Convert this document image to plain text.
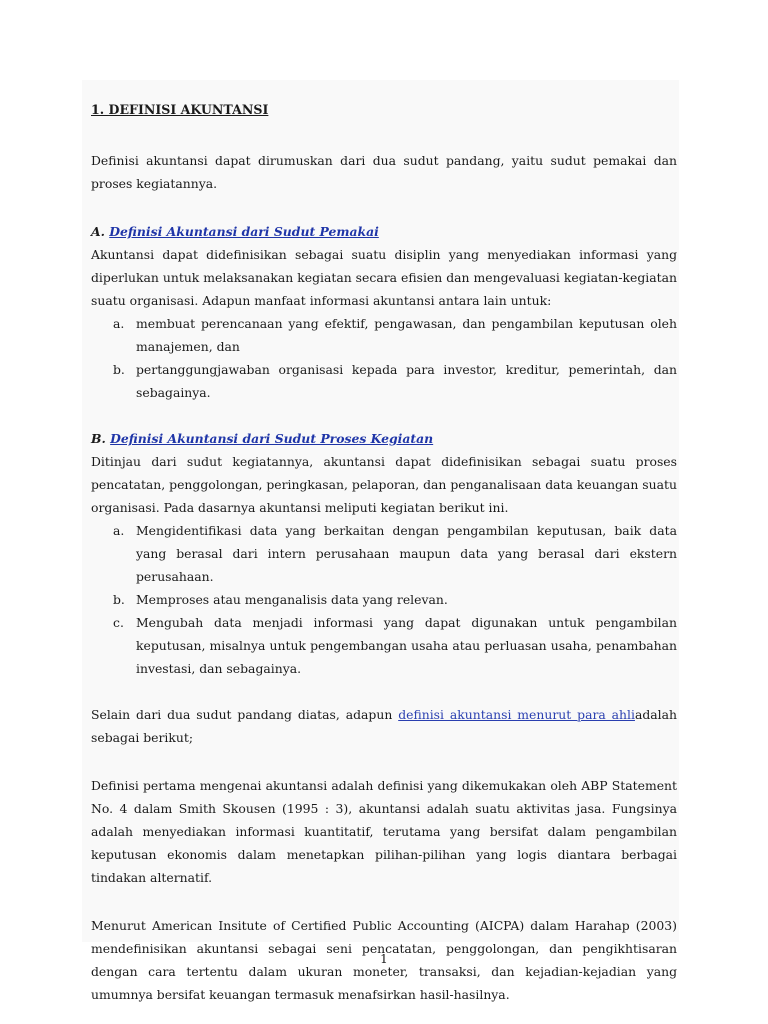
1. DEFINISI AKUNTANSI

Definisi akuntansi dapat dirumuskan dari dua sudut pandang, yaitu sudut pemakai dan proses kegiatannya.

A. Definisi Akuntansi dari Sudut Pemakai

Akuntansi dapat didefinisikan sebagai suatu disiplin yang menyediakan informasi yang diperlukan untuk melaksanakan kegiatan secara efisien dan mengevaluasi kegiatan-kegiatan suatu organisasi. Adapun manfaat informasi akuntansi antara lain untuk:

a. membuat perencanaan yang efektif, pengawasan, dan pengambilan keputusan oleh manajemen, dan
b. pertanggungjawaban organisasi kepada para investor, kreditur, pemerintah, dan sebagainya.

B. Definisi Akuntansi dari Sudut Proses Kegiatan

Ditinjau dari sudut kegiatannya, akuntansi dapat didefinisikan sebagai suatu proses pencatatan, penggolongan, peringkasan, pelaporan, dan penganalisaan data keuangan suatu organisasi. Pada dasarnya akuntansi meliputi kegiatan berikut ini.

a. Mengidentifikasi data yang berkaitan dengan pengambilan keputusan, baik data yang berasal dari intern perusahaan maupun data yang berasal dari ekstern perusahaan.
b. Memproses atau menganalisis data yang relevan.
c. Mengubah data menjadi informasi yang dapat digunakan untuk pengambilan keputusan, misalnya untuk pengembangan usaha atau perluasan usaha, penambahan investasi, dan sebagainya.

Selain dari dua sudut pandang diatas, adapun definisi akuntansi menurut para ahliadalah sebagai berikut;

Definisi pertama mengenai akuntansi adalah definisi yang dikemukakan oleh ABP Statement No. 4 dalam Smith Skousen (1995 : 3), akuntansi adalah suatu aktivitas jasa. Fungsinya adalah menyediakan informasi kuantitatif, terutama yang bersifat dalam pengambilan keputusan ekonomis dalam menetapkan pilihan-pilihan yang logis diantara berbagai tindakan alternatif.

Menurut American Insitute of Certified Public Accounting (AICPA) dalam Harahap (2003) mendefinisikan akuntansi sebagai seni pencatatan, penggolongan, dan pengikhtisaran dengan cara tertentu dalam ukuran moneter, transaksi, dan kejadian-kejadian yang umumnya bersifat keuangan termasuk menafsirkan hasil-hasilnya.

1
